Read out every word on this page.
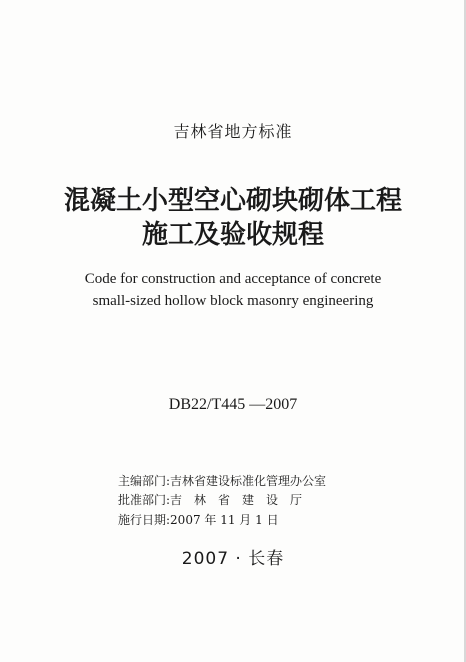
吉林省地方标准
混凝土小型空心砌块砌体工程
施工及验收规程
Code for construction and acceptance of concrete
small-sized hollow block masonry engineering
DB22/T445 —2007
主编部门:吉林省建设标准化管理办公室
批准部门:吉　林　省　建　设　厅
施行日期:2007 年 11 月 1 日
2007 · 长春
